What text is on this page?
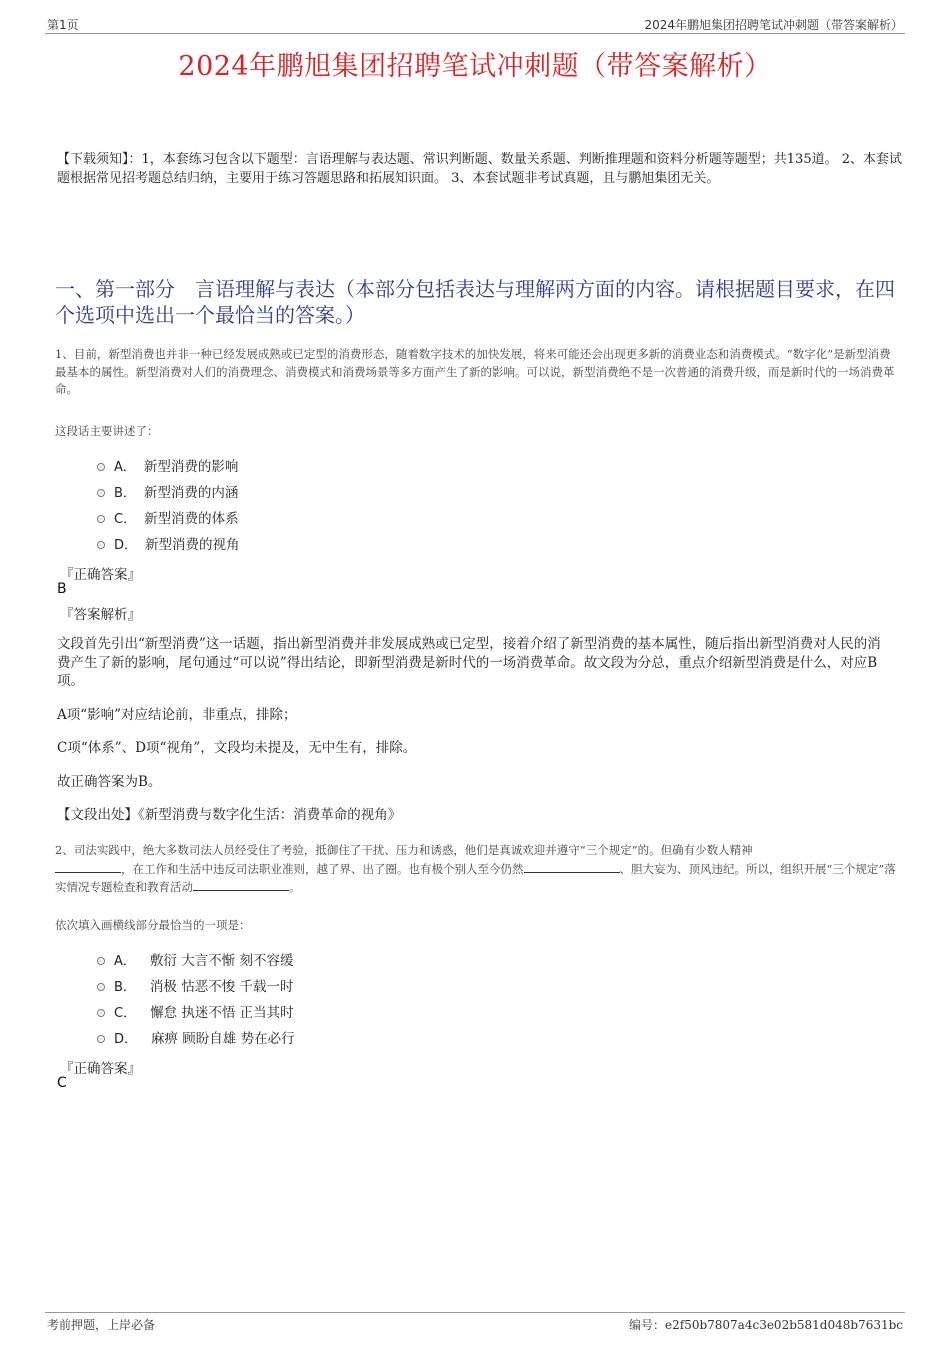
第1页	2024年鹏旭集团招聘笔试冲刺题（带答案解析）
2024年鹏旭集团招聘笔试冲刺题（带答案解析）
【下载须知】：1，本套练习包含以下题型：言语理解与表达题、常识判断题、数量关系题、判断推理题和资料分析题等题型；共135道。 2、本套试题根据常见招考题总结归纳，主要用于练习答题思路和拓展知识面。 3、本套试题非考试真题，且与鹏旭集团无关。
一、第一部分　言语理解与表达（本部分包括表达与理解两方面的内容。请根据题目要求，在四个选项中选出一个最恰当的答案。）
1、目前，新型消费也并非一种已经发展成熟或已定型的消费形态，随着数字技术的加快发展，将来可能还会出现更多新的消费业态和消费模式。“数字化”是新型消费最基本的属性。新型消费对人们的消费理念、消费模式和消费场景等多方面产生了新的影响。可以说，新型消费绝不是一次普通的消费升级，而是新时代的一场消费革命。
这段话主要讲述了：
A． 新型消费的影响
B． 新型消费的内涵
C． 新型消费的体系
D． 新型消费的视角
『正确答案』
B
『答案解析』
文段首先引出“新型消费”这一话题，指出新型消费并非发展成熟或已定型，接着介绍了新型消费的基本属性，随后指出新型消费对人民的消费产生了新的影响，尾句通过“可以说”得出结论，即新型消费是新时代的一场消费革命。故文段为分总，重点介绍新型消费是什么，对应B项。
A项“影响”对应结论前，非重点，排除；
C项“体系”、D项“视角”，文段均未提及，无中生有，排除。
故正确答案为B。
【文段出处】《新型消费与数字化生活：消费革命的视角》
2、司法实践中，绝大多数司法人员经受住了考验，抵御住了干扰、压力和诱惑，他们是真诚欢迎并遵守“三个规定”的。但确有少数人精神
，在工作和生活中违反司法职业准则，越了界、出了圈。也有极个别人至今仍然	、胆大妄为、顶风违纪。所以，组织开展“三个规定”落实情况专题检查和教育活动	。
依次填入画横线部分最恰当的一项是：
A． 敷衍 大言不惭 刻不容缓
B． 消极 怙恶不悛 千载一时
C． 懈怠 执迷不悟 正当其时
D． 麻痹 顾盼自雄 势在必行
『正确答案』
C
考前押题，上岸必备	编号：e2f50b7807a4c3e02b581d048b7631bc
